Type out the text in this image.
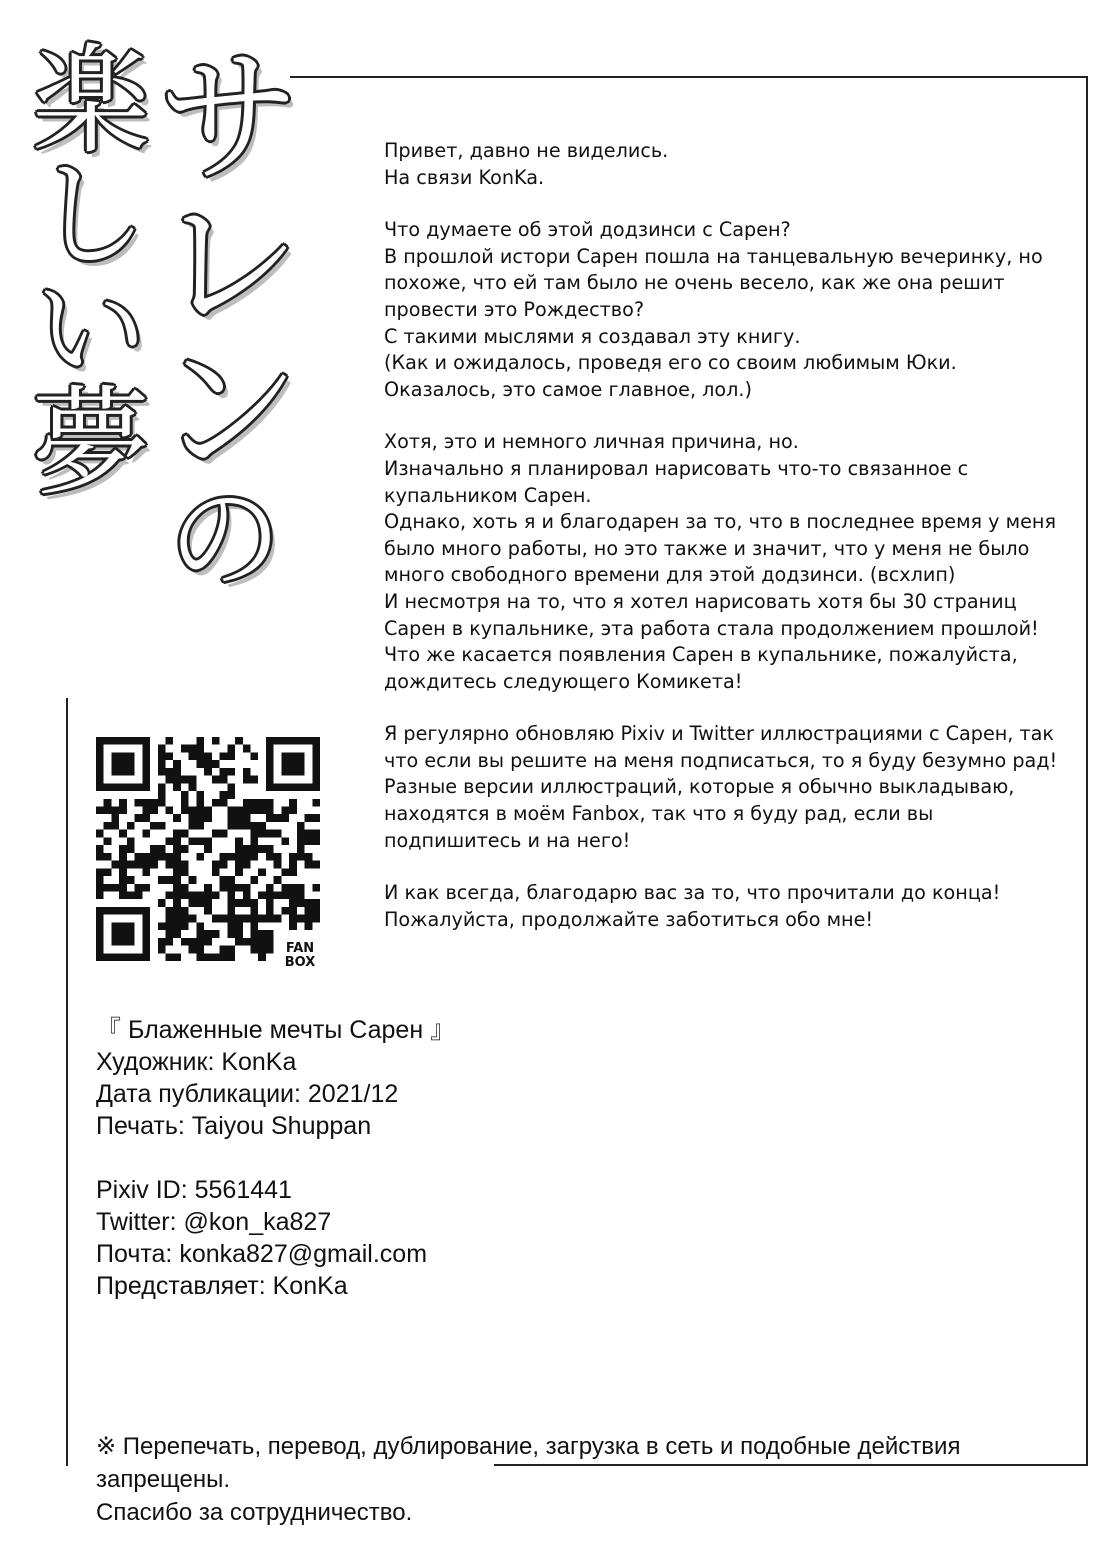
サレンの楽しい夢	Привет, давно не виделись.
На связи KonKa.

Что думаете об этой додзинси с Сарен?
В прошлой истори Сарен пошла на танцевальную вечеринку, но
похоже, что ей там было не очень весело, как же она решит
провести это Рождество?
С такими мыслями я создавал эту книгу.
(Как и ожидалось, проведя его со своим любимым Юки.
Оказалось, это самое главное, лол.)

Хотя, это и немного личная причина, но.
Изначально я планировал нарисовать что-то связанное с
купальником Сарен.
Однако, хоть я и благодарен за то, что в последнее время у меня
было много работы, но это также и значит, что у меня не было
много свободного времени для этой додзинси. (всхлип)
И несмотря на то, что я хотел нарисовать хотя бы 30 страниц
Сарен в купальнике, эта работа стала продолжением прошлой!
Что же касается появления Сарен в купальнике, пожалуйста,
дождитесь следующего Комикета!

Я регулярно обновляю Pixiv и Twitter иллюстрациями с Сарен, так
что если вы решите на меня подписаться, то я буду безумно рад!
Разные версии иллюстраций, которые я обычно выкладываю,
находятся в моём Fanbox, так что я буду рад, если вы
подпишитесь и на него!

И как всегда, благодарю вас за то, что прочитали до конца!
Пожалуйста, продолжайте заботиться обо мне!

FAN
BOX
『 Блаженные мечты Сарен 』
Художник: KonKa
Дата публикации: 2021/12
Печать: Taiyou Shuppan
Pixiv ID: 5561441
Twitter: @kon_ka827
Почта: konka827@gmail.com
Представляет: KonKa
※ Перепечать, перевод, дублирование, загрузка в сеть и подобные действия
запрещены.
Спасибо за сотрудничество.
